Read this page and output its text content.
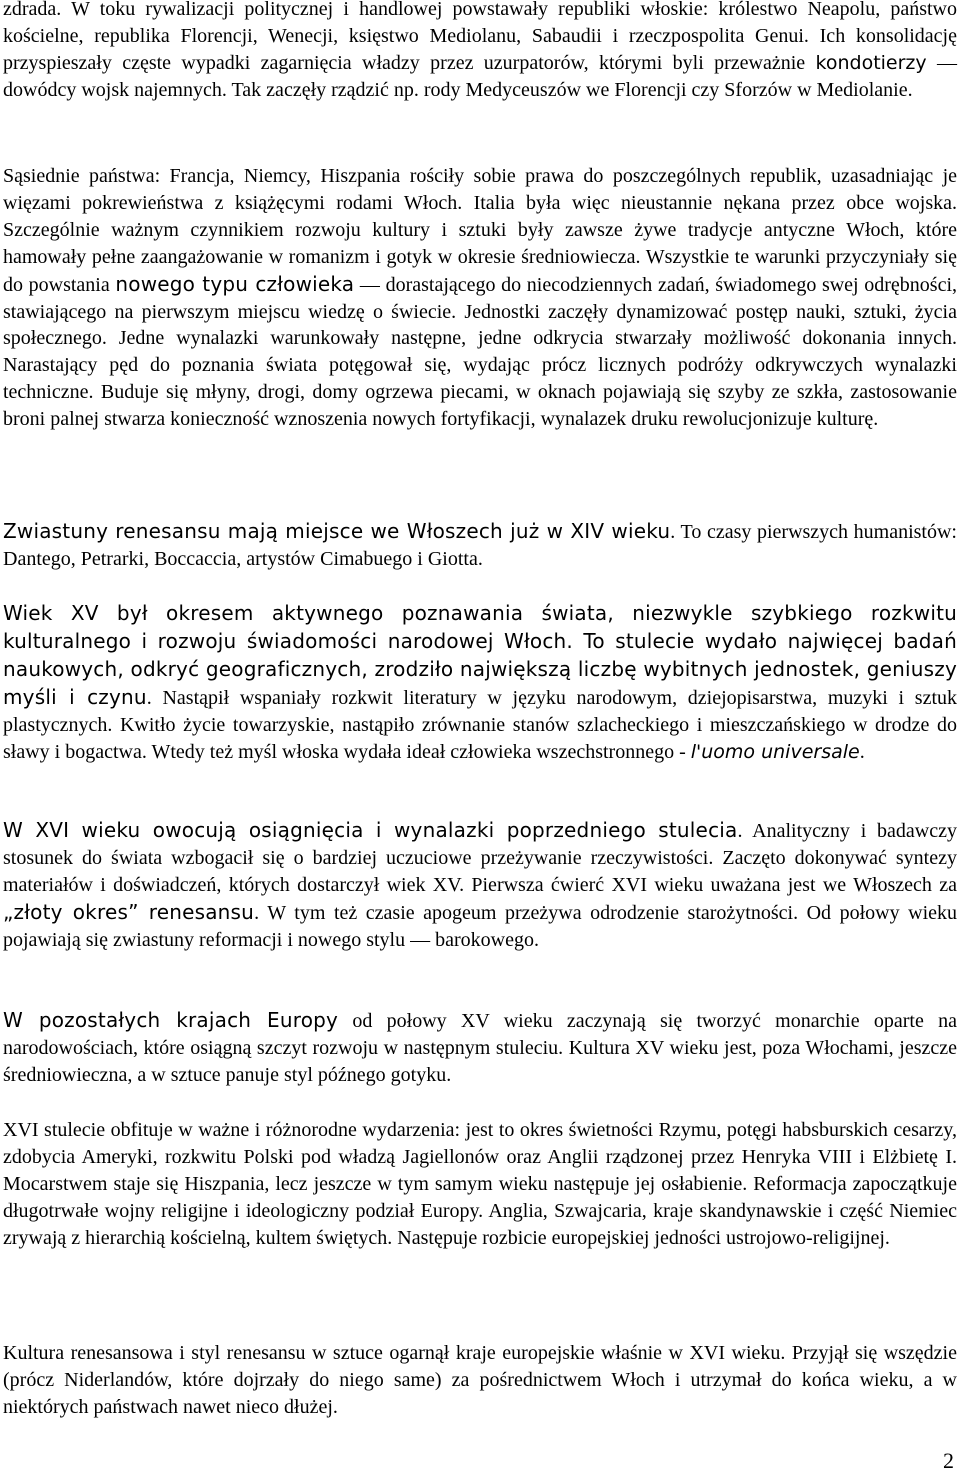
zdrada. W toku rywalizacji politycznej i handlowej powstawały republiki włoskie: królestwo Neapolu, państwo kościelne, republika Florencji, Wenecji, księstwo Mediolanu, Sabaudii i rzeczpospolita Genui. Ich konsolidację przyspieszały częste wypadki zagarnięcia władzy przez uzurpatorów, którymi byli przeważnie kondotierzy — dowódcy wojsk najemnych. Tak zaczęły rządzić np. rody Medyceuszów we Florencji czy Sforzów w Mediolanie.

Sąsiednie państwa: Francja, Niemcy, Hiszpania rościły sobie prawa do poszczególnych republik, uzasadniając je więzami pokrewieństwa z książęcymi rodami Włoch. Italia była więc nieustannie nękana przez obce wojska. Szczególnie ważnym czynnikiem rozwoju kultury i sztuki były zawsze żywe tradycje antyczne Włoch, które hamowały pełne zaangażowanie w romanizm i gotyk w okresie średniowiecza. Wszystkie te warunki przyczyniały się do powstania nowego typu człowieka — dorastającego do niecodziennych zadań, świadomego swej odrębności, stawiającego na pierwszym miejscu wiedzę o świecie. Jednostki zaczęły dynamizować postęp nauki, sztuki, życia społecznego. Jedne wynalazki warunkowały następne, jedne odkrycia stwarzały możliwość dokonania innych. Narastający pęd do poznania świata potęgował się, wydając prócz licznych podróży odkrywczych wynalazki techniczne. Buduje się młyny, drogi, domy ogrzewa piecami, w oknach pojawiają się szyby ze szkła, zastosowanie broni palnej stwarza konieczność wznoszenia nowych fortyfikacji, wynalazek druku rewolucjonizuje kulturę.

Zwiastuny renesansu mają miejsce we Włoszech już w XIV wieku. To czasy pierwszych humanistów: Dantego, Petrarki, Boccaccia, artystów Cimabuego i Giotta.

Wiek XV był okresem aktywnego poznawania świata, niezwykle szybkiego rozkwitu kulturalnego i rozwoju świadomości narodowej Włoch. To stulecie wydało najwięcej badań naukowych, odkryć geograficznych, zrodziło największą liczbę wybitnych jednostek, geniuszy myśli i czynu. Nastąpił wspaniały rozkwit literatury w języku narodowym, dziejopisarstwa, muzyki i sztuk plastycznych. Kwitło życie towarzyskie, nastąpiło zrównanie stanów szlacheckiego i mieszczańskiego w drodze do sławy i bogactwa. Wtedy też myśl włoska wydała ideał człowieka wszechstronnego - l'uomo universale.

W XVI wieku owocują osiągnięcia i wynalazki poprzedniego stulecia. Analityczny i badawczy stosunek do świata wzbogacił się o bardziej uczuciowe przeżywanie rzeczywistości. Zaczęto dokonywać syntezy materiałów i doświadczeń, których dostarczył wiek XV. Pierwsza ćwierć XVI wieku uważana jest we Włoszech za „złoty okres” renesansu. W tym też czasie apogeum przeżywa odrodzenie starożytności. Od połowy wieku pojawiają się zwiastuny reformacji i nowego stylu — barokowego.

W pozostałych krajach Europy od połowy XV wieku zaczynają się tworzyć monarchie oparte na narodowościach, które osiągną szczyt rozwoju w następnym stuleciu. Kultura XV wieku jest, poza Włochami, jeszcze średniowieczna, a w sztuce panuje styl późnego gotyku.

XVI stulecie obfituje w ważne i różnorodne wydarzenia: jest to okres świetności Rzymu, potęgi habsburskich cesarzy, zdobycia Ameryki, rozkwitu Polski pod władzą Jagiellonów oraz Anglii rządzonej przez Henryka VIII i Elżbietę I. Mocarstwem staje się Hiszpania, lecz jeszcze w tym samym wieku następuje jej osłabienie. Reformacja zapoczątkuje długotrwałe wojny religijne i ideologiczny podział Europy. Anglia, Szwajcaria, kraje skandynawskie i część Niemiec zrywają z hierarchią kościelną, kultem świętych. Następuje rozbicie europejskiej jedności ustrojowo-religijnej.

Kultura renesansowa i styl renesansu w sztuce ogarnął kraje europejskie właśnie w XVI wieku. Przyjął się wszędzie (prócz Niderlandów, które dojrzały do niego same) za pośrednictwem Włoch i utrzymał do końca wieku, a w niektórych państwach nawet nieco dłużej.

2
